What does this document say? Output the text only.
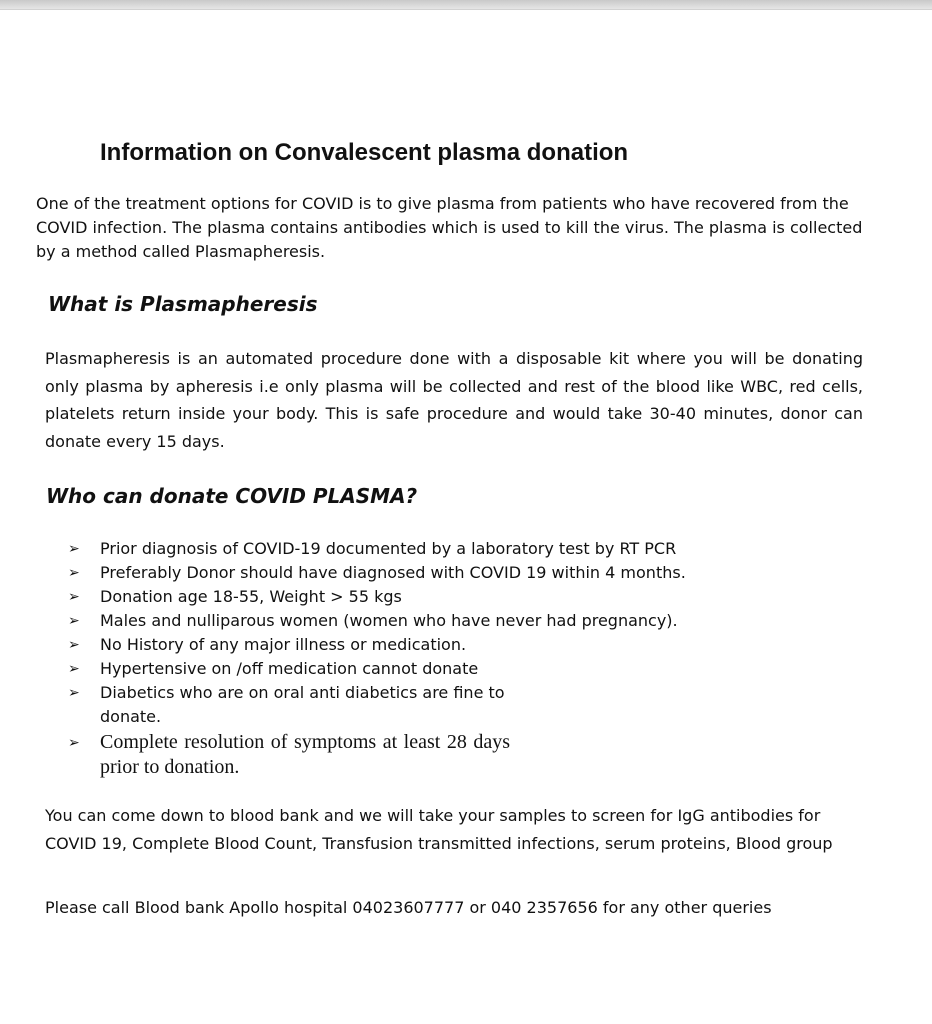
Information on Convalescent plasma donation

One of the treatment options for COVID is to give plasma from patients who have recovered from the COVID infection. The plasma contains antibodies which is used to kill the virus. The plasma is collected by a method called Plasmapheresis.

What is Plasmapheresis

Plasmapheresis is an automated procedure done with a disposable kit where you will be donating only plasma by apheresis i.e only plasma will be collected and rest of the blood like WBC, red cells, platelets return inside your body. This is safe procedure and would take 30-40 minutes, donor can donate every 15 days.

Who can donate COVID PLASMA?
➢ Prior diagnosis of COVID-19 documented by a laboratory test by RT PCR
➢ Preferably Donor should have diagnosed with COVID 19 within 4 months.
➢ Donation age 18-55, Weight > 55 kgs
➢ Males and nulliparous women (women who have never had pregnancy).
➢ No History of any major illness or medication.
➢ Hypertensive on /off medication cannot donate
➢ Diabetics who are on oral anti diabetics are fine to donate.
➢ Complete resolution of symptoms at least 28 days prior to donation.

You can come down to blood bank and we will take your samples to screen for IgG antibodies for COVID 19, Complete Blood Count, Transfusion transmitted infections, serum proteins, Blood group

Please call Blood bank Apollo hospital 04023607777 or 040 2357656 for any other queries
